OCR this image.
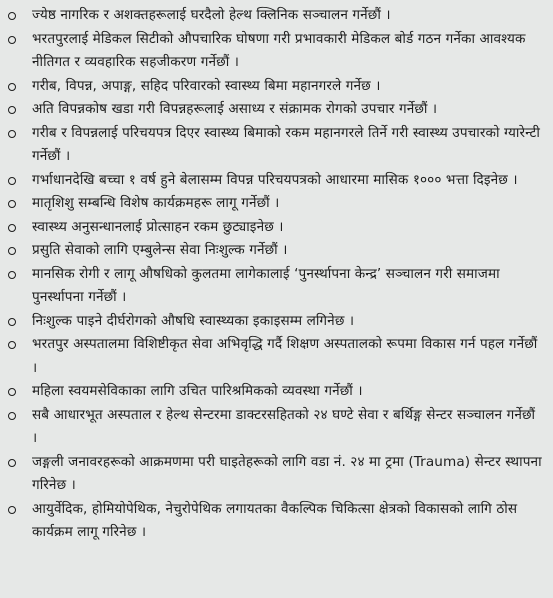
ज्येष्ठ नागरिक र अशक्तहरूलाई घरदैलो हेल्थ क्लिनिक सञ्चालन गर्नेछौं ।
भरतपुरलाई मेडिकल सिटीको औपचारिक घोषणा गरी प्रभावकारी मेडिकल बोर्ड गठन गर्नेका आवश्यक नीतिगत र व्यवहारिक सहजीकरण गर्नेछौं ।
गरीब, विपन्न, अपाङ्ग, सहिद परिवारको स्वास्थ्य बिमा महानगरले गर्नेछ ।
अति विपन्नकोष खडा गरी विपन्नहरूलाई असाध्य र संक्रामक रोगको उपचार गर्नेछौं ।
गरीब र विपन्नलाई परिचयपत्र दिएर स्वास्थ्य बिमाको रकम महानगरले तिर्ने गरी स्वास्थ्य उपचारको ग्यारेन्टी गर्नेछौं ।
गर्भाधानदेखि बच्चा १ वर्ष हुने बेलासम्म विपन्न परिचयपत्रको आधारमा मासिक १००० भत्ता दिइनेछ ।
मातृशिशु सम्बन्धि विशेष कार्यक्रमहरू लागू गर्नेछौं ।
स्वास्थ्य अनुसन्धानलाई प्रोत्साहन रकम छुट्याइनेछ ।
प्रसुति सेवाको लागि एम्बुलेन्स सेवा निःशुल्क गर्नेछौं ।
मानसिक रोगी र लागू औषधिको कुलतमा लागेकालाई ‘पुनर्स्थापना केन्द्र’ सञ्चालन गरी समाजमा पुनर्स्थापना गर्नेछौं ।
निःशुल्क पाइने दीर्घरोगको औषधि स्वास्थ्यका इकाइसम्म लगिनेछ ।
भरतपुर अस्पतालमा विशिष्टीकृत सेवा अभिवृद्धि गर्दै शिक्षण अस्पतालको रूपमा विकास गर्न पहल गर्नेछौं ।
महिला स्वयमसेविकाका लागि उचित पारिश्रमिकको व्यवस्था गर्नेछौं ।
सबै आधारभूत अस्पताल र हेल्थ सेन्टरमा डाक्टरसहितको २४ घण्टे सेवा र बर्थिङ्ग सेन्टर सञ्चालन गर्नेछौं ।
जङ्गली जनावरहरूको आक्रमणमा परी घाइतेहरूको लागि वडा नं. २४ मा ट्रमा (Trauma) सेन्टर स्थापना गरिनेछ ।
आयुर्वेदिक, होमियोपेथिक, नेचुरोपेथिक लगायतका वैकल्पिक चिकित्सा क्षेत्रको विकासको लागि ठोस कार्यक्रम लागू गरिनेछ ।
